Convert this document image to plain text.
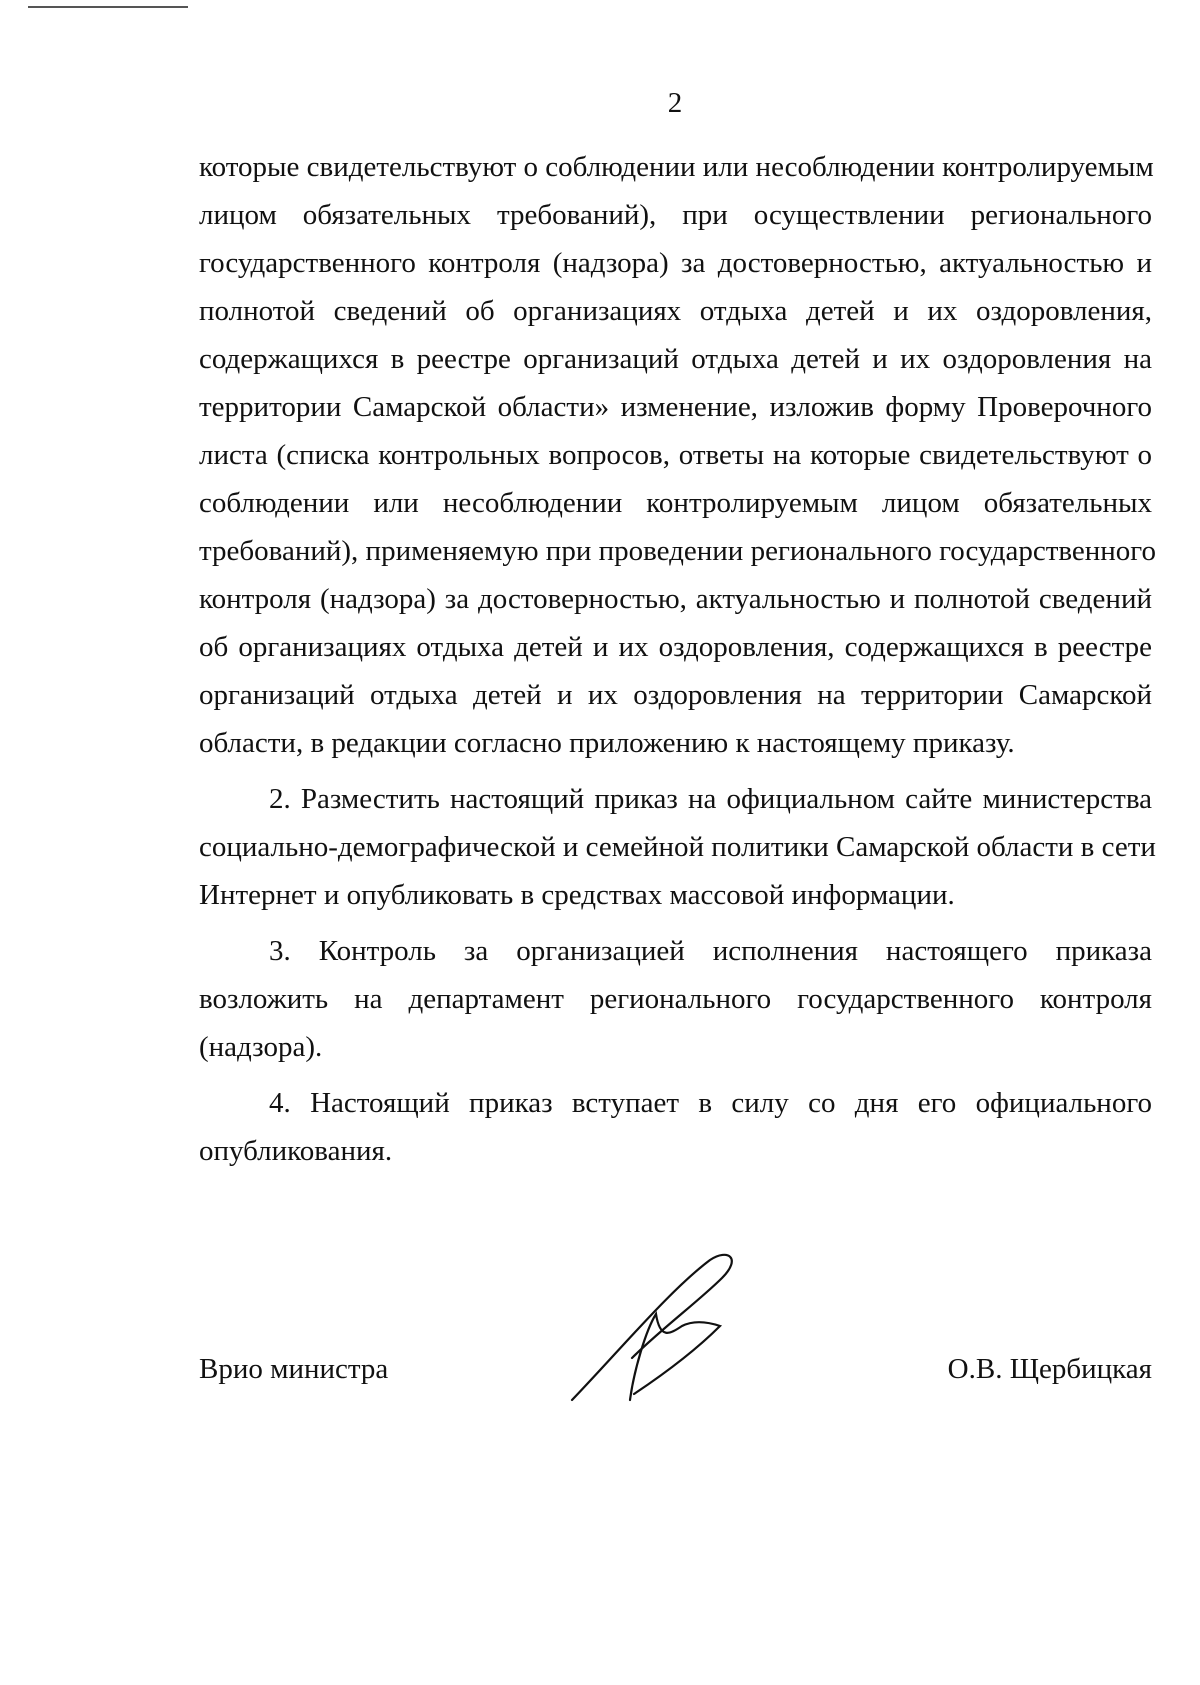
2
которые свидетельствуют о соблюдении или несоблюдении контролируемым
лицом обязательных требований), при осуществлении регионального
государственного контроля (надзора) за достоверностью, актуальностью и
полнотой сведений об организациях отдыха детей и их оздоровления,
содержащихся в реестре организаций отдыха детей и их оздоровления на
территории Самарской области» изменение, изложив форму Проверочного
листа (списка контрольных вопросов, ответы на которые свидетельствуют о
соблюдении или несоблюдении контролируемым лицом обязательных
требований), применяемую при проведении регионального государственного
контроля (надзора) за достоверностью, актуальностью и полнотой сведений
об организациях отдыха детей и их оздоровления, содержащихся в реестре
организаций отдыха детей и их оздоровления на территории Самарской
области, в редакции согласно приложению к настоящему приказу.
2. Разместить настоящий приказ на официальном сайте министерства
социально-демографической и семейной политики Самарской области в сети
Интернет и опубликовать в средствах массовой информации.
3. Контроль за организацией исполнения настоящего приказа
возложить на департамент регионального государственного контроля
(надзора).
4. Настоящий приказ вступает в силу со дня его официального
опубликования.
Врио министра	О.В. Щербицкая
